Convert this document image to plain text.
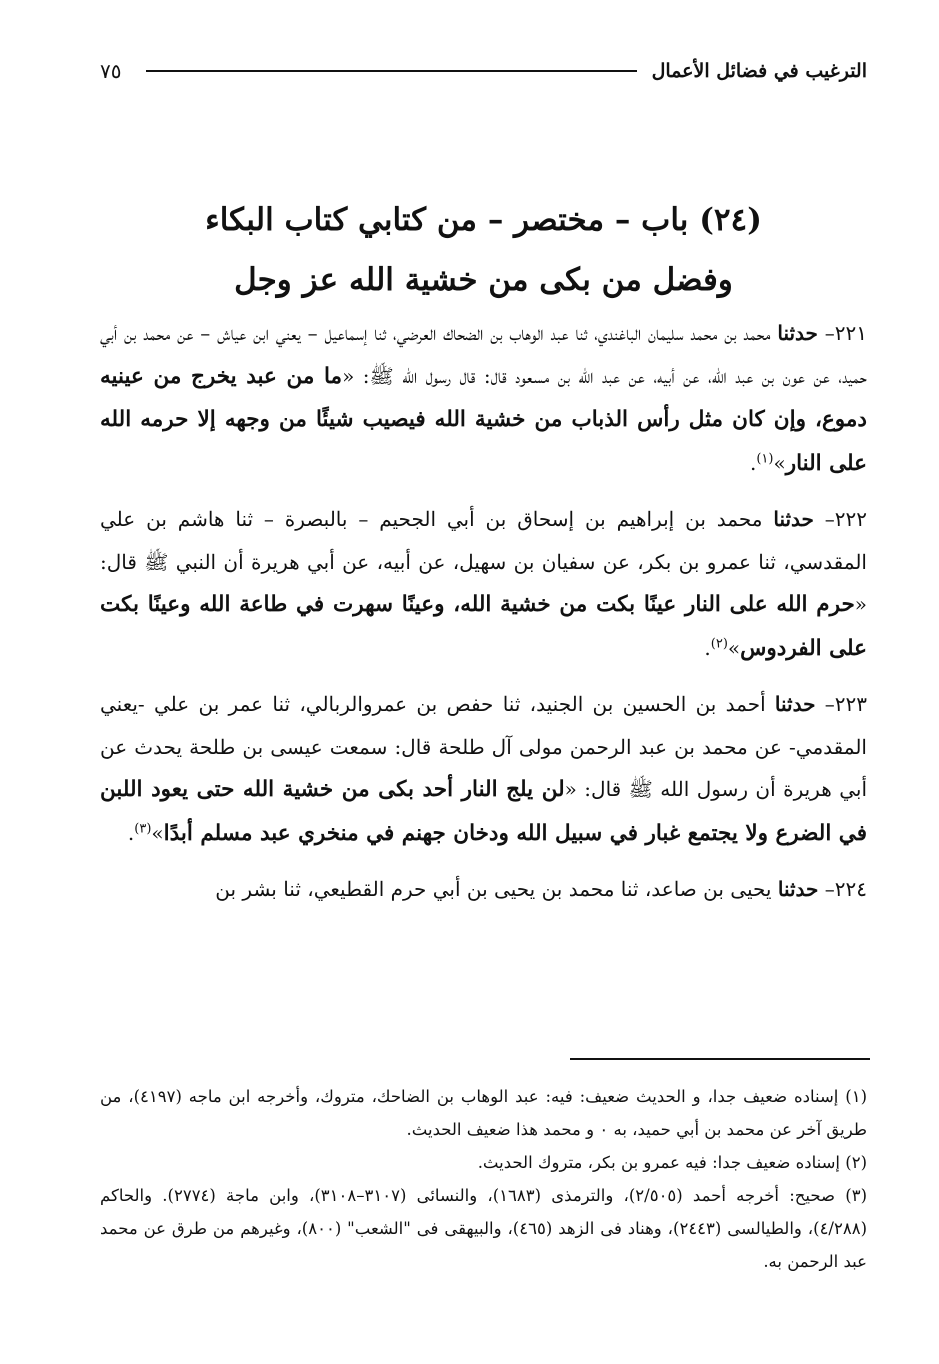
الترغيب في فضائل الأعمال
٧٥
(٢٤) باب – مختصر – من كتابي كتاب البكاء
وفضل من بكى من خشية الله عز وجل

٢٢١– حدثنا محمد بن محمد سليمان الباغندي، ثنا عبد الوهاب بن الضحاك العرضي، ثنا إسماعيل – يعني ابن عياش – عن محمد بن أبي حميد، عن عون بن عبد الله، عن أبيه، عن عبد الله بن مسعود قال: قال رسول الله ﷺ: «ما من عبد يخرج من عينيه دموع، وإن كان مثل رأس الذباب من خشية الله فيصيب شيئًا من وجهه إلا حرمه الله على النار»$^{(١)}$.

٢٢٢– حدثنا محمد بن إبراهيم بن إسحاق بن أبي الجحيم – بالبصرة – ثنا هاشم بن علي المقدسي، ثنا عمرو بن بكر، عن سفيان بن سهيل، عن أبيه، عن أبي هريرة أن النبي ﷺ قال: «حرم الله على النار عينًا بكت من خشية الله، وعينًا سهرت في طاعة الله وعينًا بكت على الفردوس»$^{(٢)}$.

٢٢٣– حدثنا أحمد بن الحسين بن الجنيد، ثنا حفص بن عمروالربالي، ثنا عمر بن علي -يعني المقدمي- عن محمد بن عبد الرحمن مولى آل طلحة قال: سمعت عيسى بن طلحة يحدث عن أبي هريرة أن رسول الله ﷺ قال: «لن يلج النار أحد بكى من خشية الله حتى يعود اللبن في الضرع ولا يجتمع غبار في سبيل الله ودخان جهنم في منخري عبد مسلم أبدًا»$^{(٣)}$.

٢٢٤– حدثنا يحيى بن صاعد، ثنا محمد بن يحيى بن أبي حرم القطيعي، ثنا بشر بن

(١) إسناده ضعيف جدا، و الحديث ضعيف: فيه: عبد الوهاب بن الضاحك، متروك، وأخرجه ابن ماجه (٤١٩٧)، من طريق آخر عن محمد بن أبي حميد، به ٠ و محمد هذا ضعيف الحديث.

(٢) إسناده ضعيف جدا: فيه عمرو بن بكر، متروك الحديث.

(٣) صحيح: أخرجه أحمد (٢/٥٠٥)، والترمذى (١٦٨٣)، والنسائى (٣١٠٧–٣١٠٨)، وابن ماجة (٢٧٧٤). والحاكم (٤/٢٨٨)، والطيالسى (٢٤٤٣)، وهناد فى الزهد (٤٦٥)، والبيهقى فى "الشعب" (٨٠٠)، وغيرهم من طرق عن محمد عبد الرحمن به.
